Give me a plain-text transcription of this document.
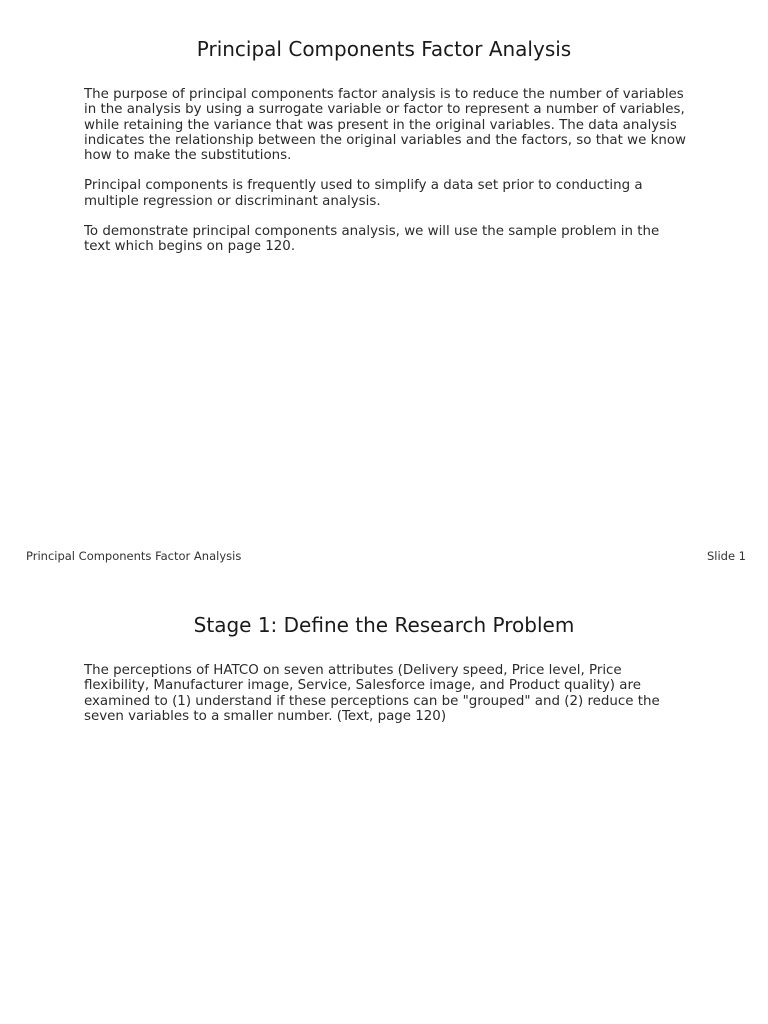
Principal Components Factor Analysis

The purpose of principal components factor analysis is to reduce the number of variables in the analysis by using a surrogate variable or factor to represent a number of variables, while retaining the variance that was present in the original variables. The data analysis indicates the relationship between the original variables and the factors, so that we know how to make the substitutions.

Principal components is frequently used to simplify a data set prior to conducting a multiple regression or discriminant analysis.

To demonstrate principal components analysis, we will use the sample problem in the text which begins on page 120.

Principal Components Factor Analysis	Slide 1
Stage 1: Define the Research Problem

The perceptions of HATCO on seven attributes (Delivery speed, Price level, Price flexibility, Manufacturer image, Service, Salesforce image, and Product quality) are examined to (1) understand if these perceptions can be "grouped" and (2) reduce the seven variables to a smaller number. (Text, page 120)
